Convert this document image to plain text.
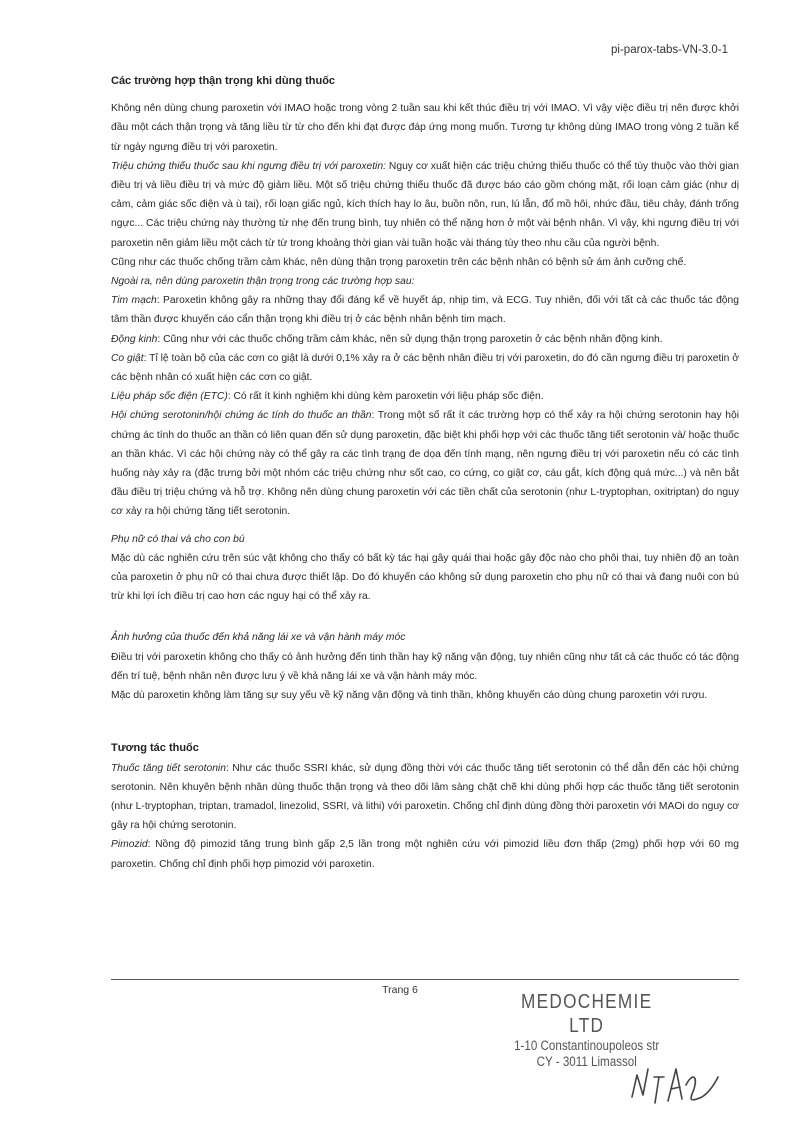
pi-parox-tabs-VN-3.0-1

Các trường hợp thận trọng khi dùng thuốc

Không nên dùng chung paroxetin với IMAO hoặc trong vòng 2 tuần sau khi kết thúc điều trị với IMAO. Vì vậy việc điều trị nên được khởi đầu một cách thận trọng và tăng liều từ từ cho đến khi đạt được đáp ứng mong muốn. Tương tự không dùng IMAO trong vòng 2 tuần kể từ ngày ngưng điều trị với paroxetin.

Triệu chứng thiếu thuốc sau khi ngưng điều trị với paroxetin: Nguy cơ xuất hiện các triệu chứng thiếu thuốc có thể tùy thuộc vào thời gian điều trị và liều điều trị và mức độ giảm liều. Một số triệu chứng thiếu thuốc đã được báo cáo gồm chóng mặt, rối loạn cảm giác (như dị cảm, cảm giác sốc điện và ù tai), rối loạn giấc ngủ, kích thích hay lo âu, buồn nôn, run, lú lẫn, đổ mồ hôi, nhức đầu, tiêu chảy, đánh trống ngực... Các triệu chứng này thường từ nhẹ đến trung bình, tuy nhiên có thể nặng hơn ở một vài bệnh nhân. Vì vậy, khi ngưng điều trị với paroxetin nên giảm liều một cách từ từ trong khoảng thời gian vài tuần hoặc vài tháng tùy theo nhu cầu của người bệnh.

Cũng như các thuốc chống trầm cảm khác, nên dùng thận trọng paroxetin trên các bệnh nhân có bệnh sử ám ảnh cưỡng chế.

Ngoài ra, nên dùng paroxetin thận trọng trong các trường hợp sau:

Tim mạch: Paroxetin không gây ra những thay đổi đáng kể về huyết áp, nhịp tim, và ECG. Tuy nhiên, đối với tất cả các thuốc tác động tâm thần được khuyến cáo cẩn thận trọng khi điều trị ở các bệnh nhân bệnh tim mạch.

Động kinh: Cũng như với các thuốc chống trầm cảm khác, nên sử dụng thận trọng paroxetin ở các bệnh nhân động kinh.

Co giật: Tỉ lệ toàn bộ của các cơn co giật là dưới 0,1% xảy ra ở các bệnh nhân điều trị với paroxetin, do đó cần ngưng điều trị paroxetin ở các bệnh nhân có xuất hiện các cơn co giật.

Liệu pháp sốc điện (ETC): Có rất ít kinh nghiệm khi dùng kèm paroxetin với liệu pháp sốc điện.

Hội chứng serotonin/hội chứng ác tính do thuốc an thần: Trong một số rất ít các trường hợp có thể xảy ra hội chứng serotonin hay hội chứng ác tính do thuốc an thần có liên quan đến sử dụng paroxetin, đặc biệt khi phối hợp với các thuốc tăng tiết serotonin và/ hoặc thuốc an thần khác. Vì các hội chứng này có thể gây ra các tình trạng đe dọa đến tính mạng, nên ngưng điều trị với paroxetin nếu có các tình huống này xảy ra (đặc trưng bởi một nhóm các triệu chứng như sốt cao, co cứng, co giật cơ, cáu gắt, kích động quá mức...) và nên bắt đầu điều trị triệu chứng và hỗ trợ. Không nên dùng chung paroxetin với các tiền chất của serotonin (như L-tryptophan, oxitriptan) do nguy cơ xảy ra hội chứng tăng tiết serotonin.

Phụ nữ có thai và cho con bú

Mặc dù các nghiên cứu trên súc vật không cho thấy có bất kỳ tác hại gây quái thai hoặc gây độc nào cho phôi thai, tuy nhiên độ an toàn của paroxetin ở phụ nữ có thai chưa được thiết lập. Do đó khuyến cáo không sử dụng paroxetin cho phụ nữ có thai và đang nuôi con bú trừ khi lợi ích điều trị cao hơn các nguy hại có thể xảy ra.

Ảnh hưởng của thuốc đến khả năng lái xe và vận hành máy móc

Điều trị với paroxetin không cho thấy có ảnh hưởng đến tinh thần hay kỹ năng vận động, tuy nhiên cũng như tất cả các thuốc có tác động đến trí tuệ, bệnh nhân nên được lưu ý về khả năng lái xe và vận hành máy móc.

Mặc dù paroxetin không làm tăng sự suy yếu về kỹ năng vận động và tinh thần, không khuyến cáo dùng chung paroxetin với rượu.

Tương tác thuốc

Thuốc tăng tiết serotonin: Như các thuốc SSRI khác, sử dụng đồng thời với các thuốc tăng tiết serotonin có thể dẫn đến các hội chứng serotonin. Nên khuyên bệnh nhân dùng thuốc thận trọng và theo dõi lâm sàng chặt chẽ khi dùng phối hợp các thuốc tăng tiết serotonin (như L-tryptophan, triptan, tramadol, linezolid, SSRI, và lithi) với paroxetin. Chống chỉ định dùng đồng thời paroxetin với MAOi do nguy cơ gây ra hội chứng serotonin.

Pimozid: Nồng độ pimozid tăng trung bình gấp 2,5 lần trong một nghiên cứu với pimozid liều đơn thấp (2mg) phối hợp với 60 mg paroxetin. Chống chỉ định phối hợp pimozid với paroxetin.

Trang 6
MEDOCHEMIE LTD
1-10 Constantinoupoleos str
CY - 3011 Limassol
